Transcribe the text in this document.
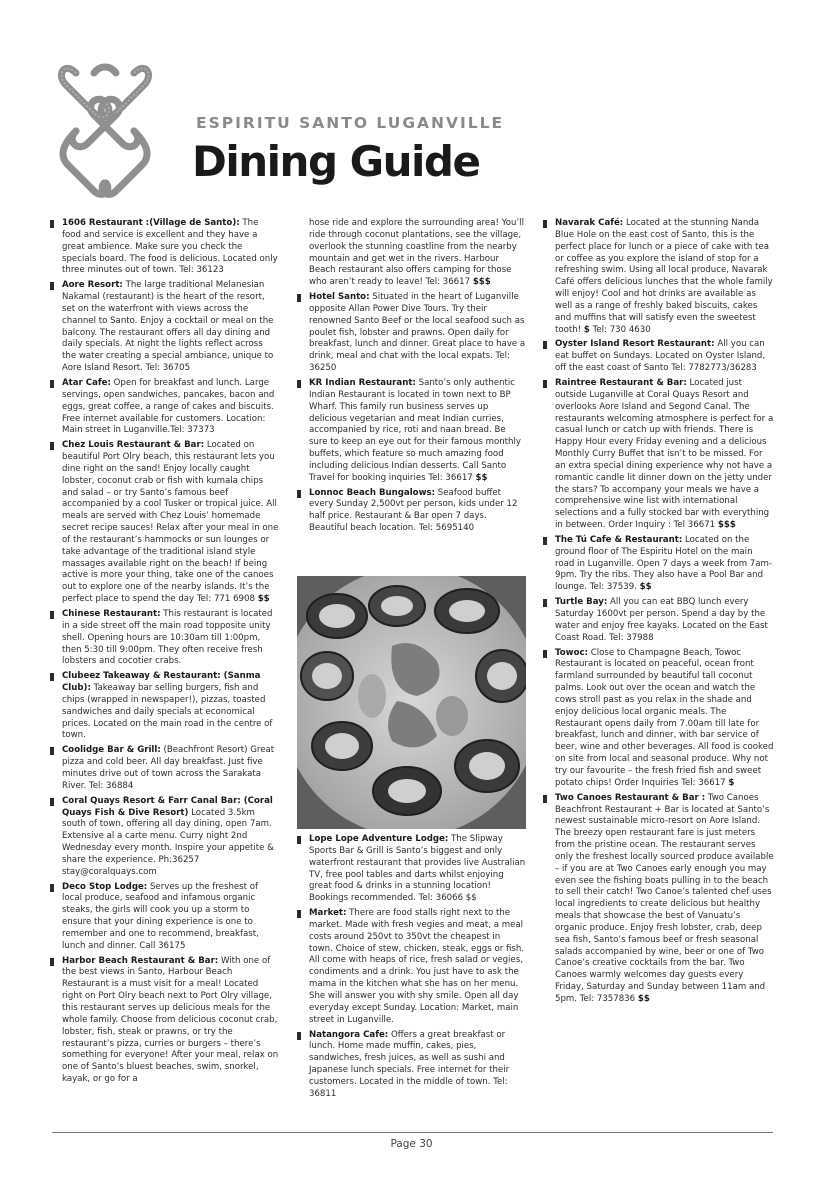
ESPIRITU SANTO LUGANVILLE
Dining Guide
1606 Restaurant :(Village de Santo): The food and service is excellent and they have a great ambience. Make sure you check the specials board. The food is delicious. Located only three minutes out of town. Tel: 36123
Aore Resort: The large traditional Melanesian Nakamal (restaurant) is the heart of the resort, set on the waterfront with views across the channel to Santo. Enjoy a cocktail or meal on the balcony. The restaurant offers all day dining and daily specials. At night the lights reflect across the water creating a special ambiance, unique to Aore Island Resort. Tel: 36705
Atar Cafe: Open for breakfast and lunch. Large servings, open sandwiches, pancakes, bacon and eggs, great coffee, a range of cakes and biscuits. Free internet available for customers. Location: Main street in Luganville.Tel: 37373
Chez Louis Restaurant & Bar: Located on beautiful Port Olry beach, this restaurant lets you dine right on the sand! Enjoy locally caught lobster, coconut crab or fish with kumala chips and salad – or try Santo’s famous beef accompanied by a cool Tusker or tropical juice. All meals are served with Chez Louis’ homemade secret recipe sauces! Relax after your meal in one of the restaurant’s hammocks or sun lounges or take advantage of the traditional island style massages available right on the beach! If being active is more your thing, take one of the canoes out to explore one of the nearby islands. It’s the perfect place to spend the day Tel: 771 6908 $$
Chinese Restaurant: This restaurant is located in a side street off the main road topposite unity shell. Opening hours are 10:30am till 1:00pm, then 5:30 till 9:00pm. They often receive fresh lobsters and cocotier crabs.
Clubeez Takeaway & Restaurant: (Sanma Club): Takeaway bar selling burgers, fish and chips (wrapped in newspaper!), pizzas, toasted sandwiches and daily specials at economical prices. Located on the main road in the centre of town.
Coolidge Bar & Grill: (Beachfront Resort) Great pizza and cold beer. All day breakfast. Just five minutes drive out of town across the Sarakata River. Tel: 36884
Coral Quays Resort & Farr Canal Bar: (Coral Quays Fish & Dive Resort) Located 3.5km south of town, offering all day dining, open 7am. Extensive al a carte menu. Curry night 2nd Wednesday every month. Inspire your appetite & share the experience. Ph:36257 stay@coralquays.com
Deco Stop Lodge: Serves up the freshest of local produce, seafood and infamous organic steaks, the girls will cook you up a storm to ensure that your dining experience is one to remember and one to recommend, breakfast, lunch and dinner. Call 36175
Harbor Beach Restaurant & Bar: With one of the best views in Santo, Harbour Beach Restaurant is a must visit for a meal! Located right on Port Olry beach next to Port Olry village, this restaurant serves up delicious meals for the whole family. Choose from delicious coconut crab, lobster, fish, steak or prawns, or try the restaurant’s pizza, curries or burgers – there’s something for everyone! After your meal, relax on one of Santo’s bluest beaches, swim, snorkel, kayak, or go for a
hose ride and explore the surrounding area! You’ll ride through coconut plantations, see the village, overlook the stunning coastline from the nearby mountain and get wet in the rivers. Harbour Beach restaurant also offers camping for those who aren’t ready to leave! Tel: 36617 $$$
Hotel Santo: Situated in the heart of Luganville opposite Allan Power Dive Tours. Try their renowned Santo Beef or the local seafood such as poulet fish, lobster and prawns. Open daily for breakfast, lunch and dinner. Great place to have a drink, meal and chat with the local expats. Tel: 36250
KR Indian Restaurant: Santo’s only authentic Indian Restaurant is located in town next to BP Wharf. This family run business serves up delicious vegetarian and meat Indian curries, accompanied by rice, roti and naan bread. Be sure to keep an eye out for their famous monthly buffets, which feature so much amazing food including delicious Indian desserts. Call Santo Travel for booking inquiries Tel: 36617 $$
Lonnoc Beach Bungalows: Seafood buffet every Sunday 2,500vt per person, kids under 12 half price. Restaurant & Bar open 7 days. Beautiful beach location. Tel: 5695140
Lope Lope Adventure Lodge: The Slipway Sports Bar & Grill is Santo’s biggest and only waterfront restaurant that provides live Australian TV, free pool tables and darts whilst enjoying great food & drinks in a stunning location! Bookings recommended. Tel: 36066 $$
Market: There are food stalls right next to the market. Made with fresh vegies and meat, a meal costs around 250vt to 350vt the cheapest in town. Choice of stew, chicken, steak, eggs or fish. All come with heaps of rice, fresh salad or vegies, condiments and a drink. You just have to ask the mama in the kitchen what she has on her menu. She will answer you with shy smile. Open all day everyday except Sunday. Location: Market, main street in Luganville.
Natangora Cafe: Offers a great breakfast or lunch. Home made muffin, cakes, pies, sandwiches, fresh juices, as well as sushi and Japanese lunch specials. Free internet for their customers. Located in the middle of town. Tel: 36811
Navarak Café: Located at the stunning Nanda Blue Hole on the east cost of Santo, this is the perfect place for lunch or a piece of cake with tea or coffee as you explore the island of stop for a refreshing swim. Using all local produce, Navarak Café offers delicious lunches that the whole family will enjoy! Cool and hot drinks are available as well as a range of freshly baked biscuits, cakes and muffins that will satisfy even the sweetest tooth! $ Tel: 730 4630
Oyster Island Resort Restaurant: All you can eat buffet on Sundays. Located on Oyster Island, off the east coast of Santo Tel: 7782773/36283
Raintree Restaurant & Bar: Located just outside Luganville at Coral Quays Resort and overlooks Aore Island and Segond Canal. The restaurants welcoming atmosphere is perfect for a casual lunch or catch up with friends. There is Happy Hour every Friday evening and a delicious Monthly Curry Buffet that isn’t to be missed. For an extra special dining experience why not have a romantic candle lit dinner down on the jetty under the stars? To accompany your meals we have a comprehensive wine list with international selections and a fully stocked bar with everything in between. Order Inquiry : Tel 36671 $$$
The Tú Cafe & Restaurant: Located on the ground floor of The Espiritu Hotel on the main road in Luganville. Open 7 days a week from 7am-9pm. Try the ribs. They also have a Pool Bar and lounge. Tel: 37539. $$
Turtle Bay: All you can eat BBQ lunch every Saturday 1600vt per person. Spend a day by the water and enjoy free kayaks. Located on the East Coast Road. Tel: 37988
Towoc: Close to Champagne Beach, Towoc Restaurant is located on peaceful, ocean front farmland surrounded by beautiful tall coconut palms. Look out over the ocean and watch the cows stroll past as you relax in the shade and enjoy delicious local organic meals. The Restaurant opens daily from 7.00am till late for breakfast, lunch and dinner, with bar service of beer, wine and other beverages. All food is cooked on site from local and seasonal produce. Why not try our favourite – the fresh fried fish and sweet potato chips! Order Inquiries Tel: 36617 $
Two Canoes Restaurant & Bar : Two Canoes Beachfront Restaurant + Bar is located at Santo’s newest sustainable micro-resort on Aore Island. The breezy open restaurant fare is just meters from the pristine ocean. The restaurant serves only the freshest locally sourced produce available – if you are at Two Canoes early enough you may even see the fishing boats pulling in to the beach to sell their catch! Two Canoe’s talented chef uses local ingredients to create delicious but healthy meals that showcase the best of Vanuatu’s organic produce. Enjoy fresh lobster, crab, deep sea fish, Santo’s famous beef or fresh seasonal salads accompanied by wine, beer or one of Two Canoe’s creative cocktails from the bar. Two Canoes warmly welcomes day guests every Friday, Saturday and Sunday between 11am and 5pm. Tel: 7357836 $$
Page 30
